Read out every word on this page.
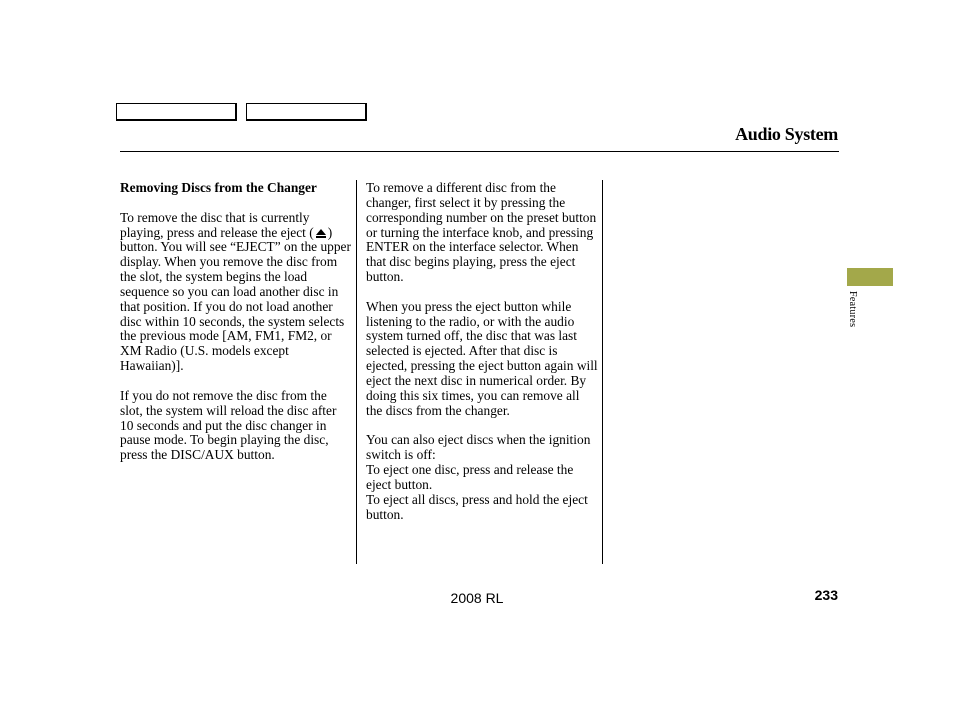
Audio System

Removing Discs from the Changer

To remove the disc that is currently playing, press and release the eject ( ) button. You will see “EJECT” on the upper display. When you remove the disc from the slot, the system begins the load sequence so you can load another disc in that position. If you do not load another disc within 10 seconds, the system selects the previous mode [AM, FM1, FM2, or XM Radio (U.S. models except Hawaiian)].

If you do not remove the disc from the slot, the system will reload the disc after 10 seconds and put the disc changer in pause mode. To begin playing the disc, press the DISC/AUX button.

To remove a different disc from the changer, first select it by pressing the corresponding number on the preset button or turning the interface knob, and pressing ENTER on the interface selector. When that disc begins playing, press the eject button.

When you press the eject button while listening to the radio, or with the audio system turned off, the disc that was last selected is ejected. After that disc is ejected, pressing the eject button again will eject the next disc in numerical order. By doing this six times, you can remove all the discs from the changer.

You can also eject discs when the ignition switch is off:
To eject one disc, press and release the eject button.
To eject all discs, press and hold the eject button.

Features
2008 RL	233
